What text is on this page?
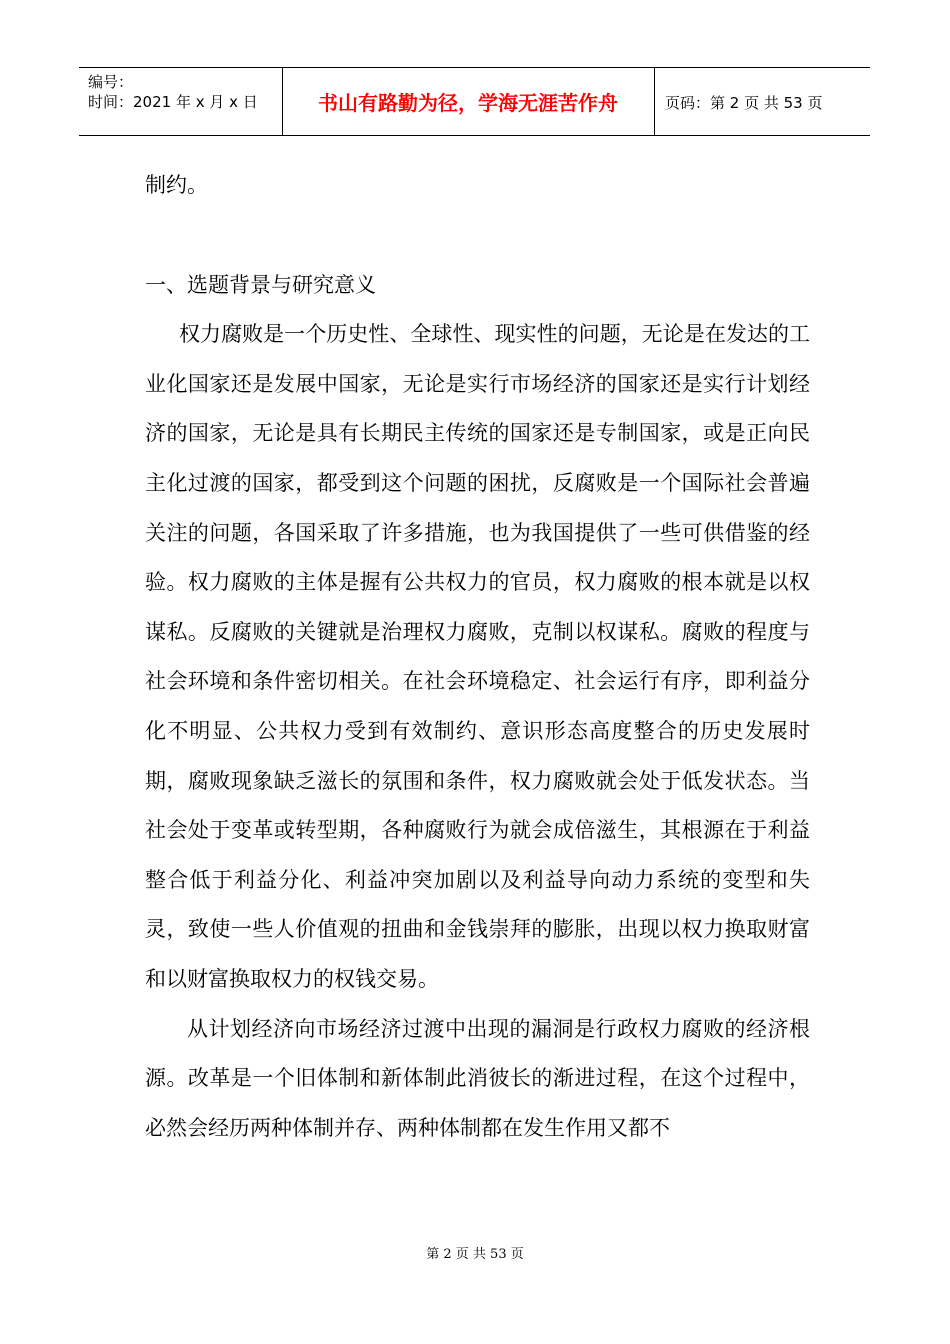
编号：
时间：2021 年 x 月 x 日	书山有路勤为径，学海无涯苦作舟	页码：第 2 页 共 53 页

制约。

一、选题背景与研究意义

权力腐败是一个历史性、全球性、现实性的问题，无论是在发达的工业化国家还是发展中国家，无论是实行市场经济的国家还是实行计划经济的国家，无论是具有长期民主传统的国家还是专制国家，或是正向民主化过渡的国家，都受到这个问题的困扰，反腐败是一个国际社会普遍关注的问题，各国采取了许多措施，也为我国提供了一些可供借鉴的经验。权力腐败的主体是握有公共权力的官员，权力腐败的根本就是以权谋私。反腐败的关键就是治理权力腐败，克制以权谋私。腐败的程度与社会环境和条件密切相关。在社会环境稳定、社会运行有序，即利益分化不明显、公共权力受到有效制约、意识形态高度整合的历史发展时期，腐败现象缺乏滋长的氛围和条件，权力腐败就会处于低发状态。当社会处于变革或转型期，各种腐败行为就会成倍滋生，其根源在于利益整合低于利益分化、利益冲突加剧以及利益导向动力系统的变型和失灵，致使一些人价值观的扭曲和金钱崇拜的膨胀，出现以权力换取财富和以财富换取权力的权钱交易。

从计划经济向市场经济过渡中出现的漏洞是行政权力腐败的经济根源。改革是一个旧体制和新体制此消彼长的渐进过程，在这个过程中，必然会经历两种体制并存、两种体制都在发生作用又都不

第 2 页 共 53 页
